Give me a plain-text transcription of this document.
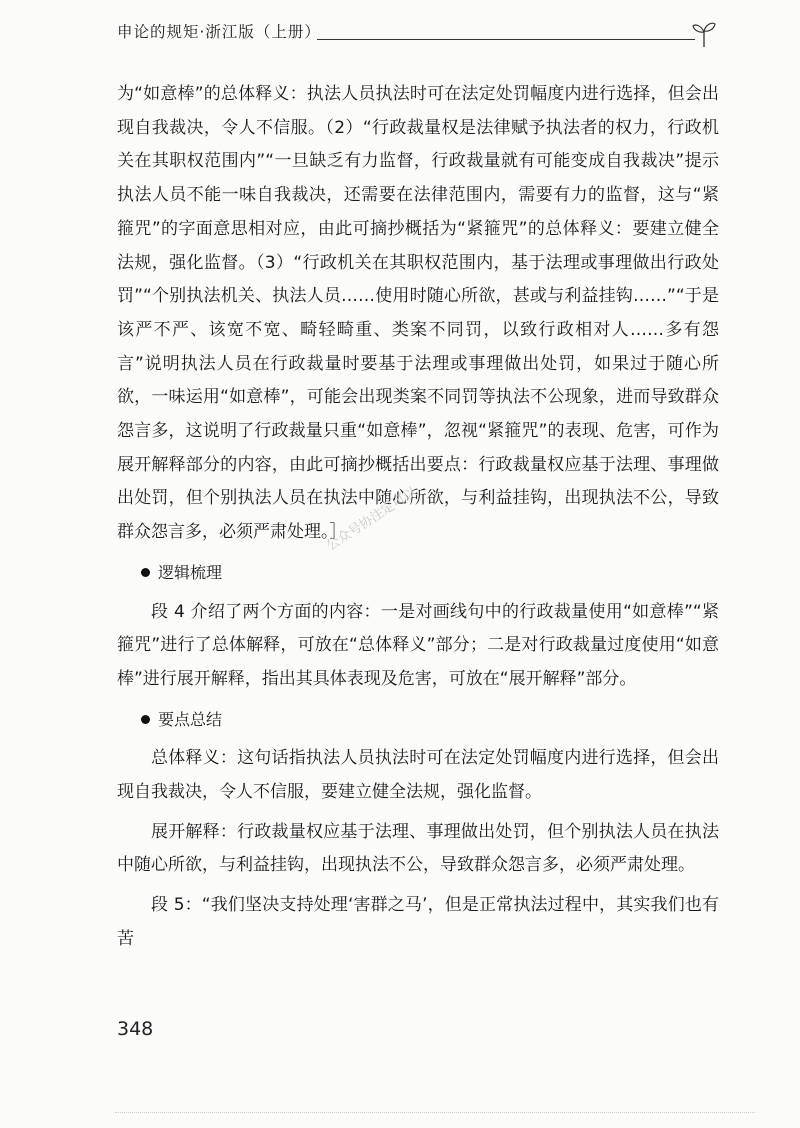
申论的规矩·浙江版（上册）

为“如意棒”的总体释义：执法人员执法时可在法定处罚幅度内进行选择，但会出现自我裁决，令人不信服。（2）“行政裁量权是法律赋予执法者的权力，行政机关在其职权范围内”“一旦缺乏有力监督，行政裁量就有可能变成自我裁决”提示执法人员不能一味自我裁决，还需要在法律范围内，需要有力的监督，这与“紧箍咒”的字面意思相对应，由此可摘抄概括为“紧箍咒”的总体释义：要建立健全法规，强化监督。（3）“行政机关在其职权范围内，基于法理或事理做出行政处罚”“个别执法机关、执法人员……使用时随心所欲，甚或与利益挂钩……”“于是该严不严、该宽不宽、畸轻畸重、类案不同罚，以致行政相对人……多有怨言”说明执法人员在行政裁量时要基于法理或事理做出处罚，如果过于随心所欲，一味运用“如意棒”，可能会出现类案不同罚等执法不公现象，进而导致群众怨言多，这说明了行政裁量只重“如意棒”，忽视“紧箍咒”的表现、危害，可作为展开解释部分的内容，由此可摘抄概括出要点：行政裁量权应基于法理、事理做出处罚，但个别执法人员在执法中随心所欲，与利益挂钩，出现执法不公，导致群众怨言多，必须严肃处理。］

逻辑梳理

段 4 介绍了两个方面的内容：一是对画线句中的行政裁量使用“如意棒”“紧箍咒”进行了总体解释，可放在“总体释义”部分；二是对行政裁量过度使用“如意棒”进行展开解释，指出其具体表现及危害，可放在“展开解释”部分。

要点总结

总体释义：这句话指执法人员执法时可在法定处罚幅度内进行选择，但会出现自我裁决，令人不信服，要建立健全法规，强化监督。

展开解释：行政裁量权应基于法理、事理做出处罚，但个别执法人员在执法中随心所欲，与利益挂钩，出现执法不公，导致群众怨言多，必须严肃处理。

段 5：“我们坚决支持处理‘害群之马’，但是正常执法过程中，其实我们也有苦

公众号协注定可以
348
